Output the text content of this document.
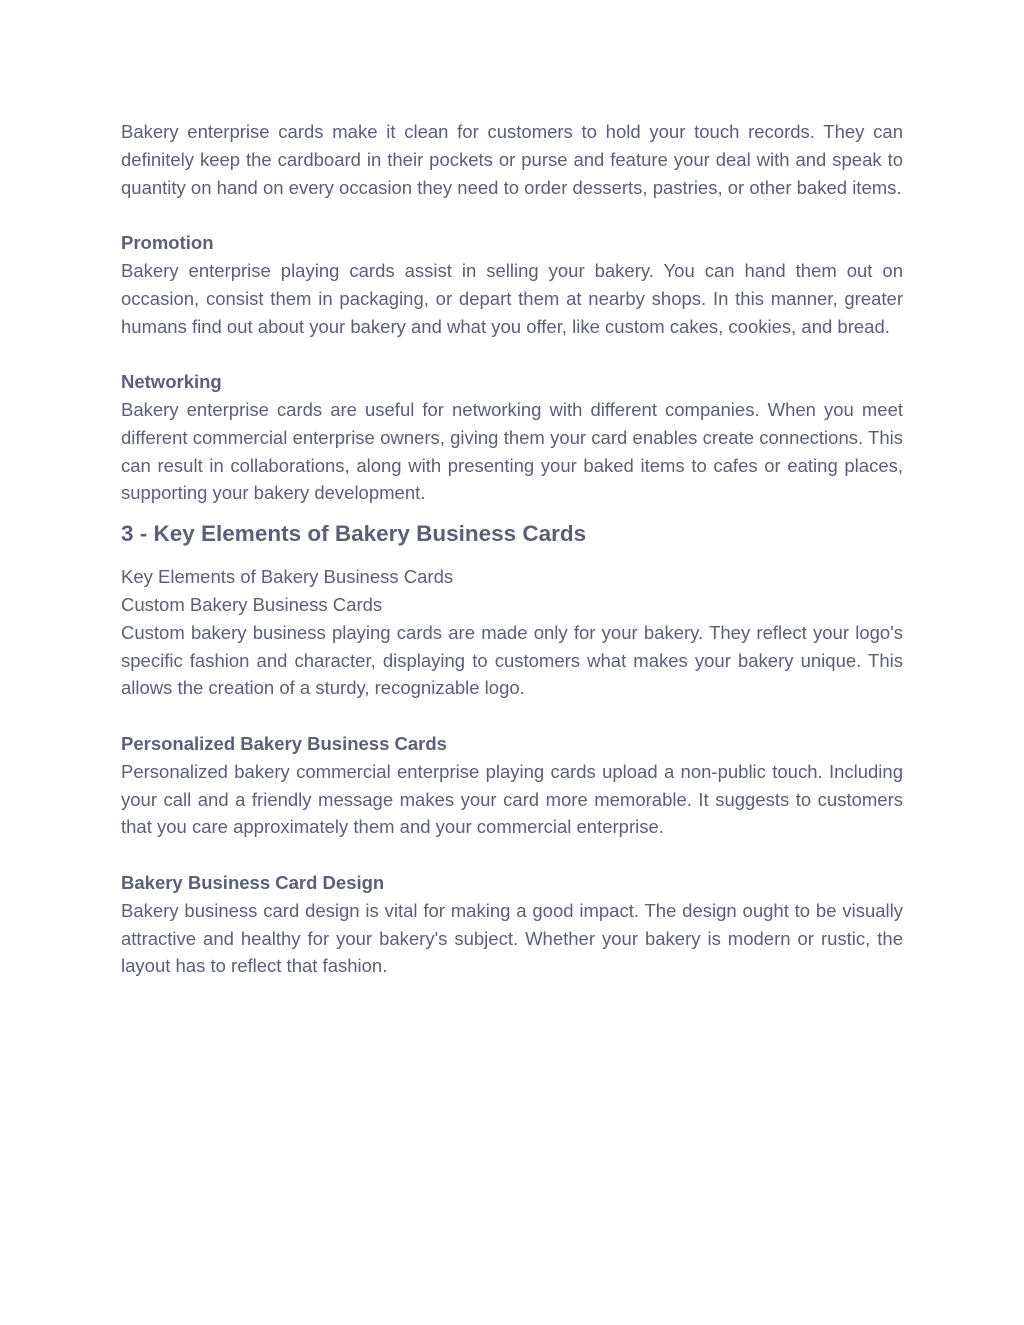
Bakery enterprise cards make it clean for customers to hold your touch records. They can definitely keep the cardboard in their pockets or purse and feature your deal with and speak to quantity on hand on every occasion they need to order desserts, pastries, or other baked items.

Promotion

Bakery enterprise playing cards assist in selling your bakery. You can hand them out on occasion, consist them in packaging, or depart them at nearby shops. In this manner, greater humans find out about your bakery and what you offer, like custom cakes, cookies, and bread.

Networking

Bakery enterprise cards are useful for networking with different companies. When you meet different commercial enterprise owners, giving them your card enables create connections. This can result in collaborations, along with presenting your baked items to cafes or eating places, supporting your bakery development.

3 - Key Elements of Bakery Business Cards

Key Elements of Bakery Business Cards

Custom Bakery Business Cards

Custom bakery business playing cards are made only for your bakery. They reflect your logo's specific fashion and character, displaying to customers what makes your bakery unique. This allows the creation of a sturdy, recognizable logo.

Personalized Bakery Business Cards

Personalized bakery commercial enterprise playing cards upload a non-public touch. Including your call and a friendly message makes your card more memorable. It suggests to customers that you care approximately them and your commercial enterprise.

Bakery Business Card Design

Bakery business card design is vital for making a good impact. The design ought to be visually attractive and healthy for your bakery's subject. Whether your bakery is modern or rustic, the layout has to reflect that fashion.
